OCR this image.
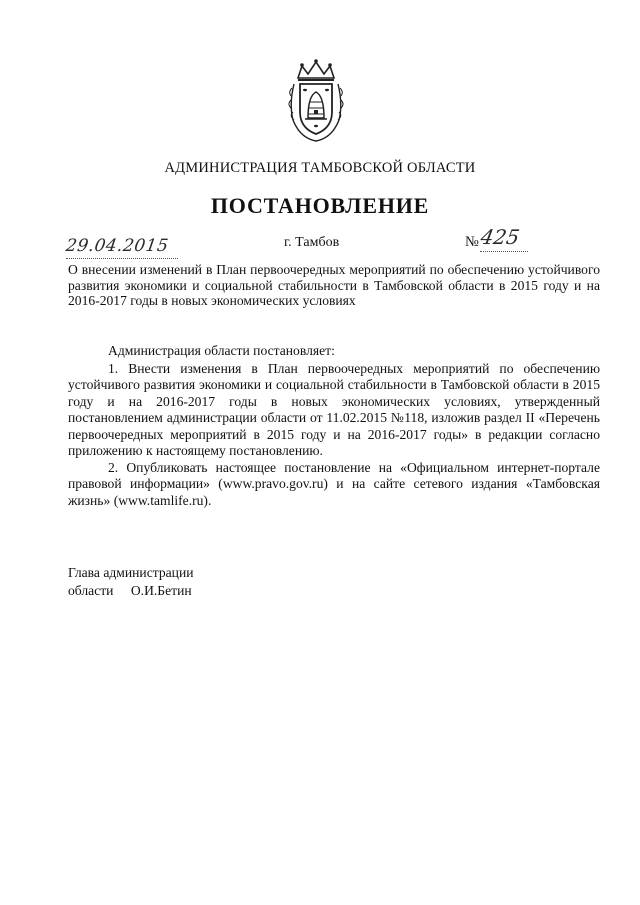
АДМИНИСТРАЦИЯ ТАМБОВСКОЙ ОБЛАСТИ
ПОСТАНОВЛЕНИЕ
29.04.2015	г. Тамбов	№ 425
О внесении изменений в План первоочередных мероприятий по обеспечению устойчивого развития экономики и социальной стабильности в Тамбовской области в 2015 году и на 2016-2017 годы в новых экономических условиях

Администрация области постановляет:

1. Внести изменения в План первоочередных мероприятий по обеспечению устойчивого развития экономики и социальной стабильности в Тамбовской области в 2015 году и на 2016-2017 годы в новых экономических условиях, утвержденный постановлением администрации области от 11.02.2015 №118, изложив раздел II «Перечень первоочередных мероприятий в 2015 году и на 2016-2017 годы» в редакции согласно приложению к настоящему постановлению.

2. Опубликовать настоящее постановление на «Официальном интернет-портале правовой информации» (www.pravo.gov.ru) и на сайте сетевого издания «Тамбовская жизнь» (www.tamlife.ru).

Глава администрации
области О.И.Бетин
